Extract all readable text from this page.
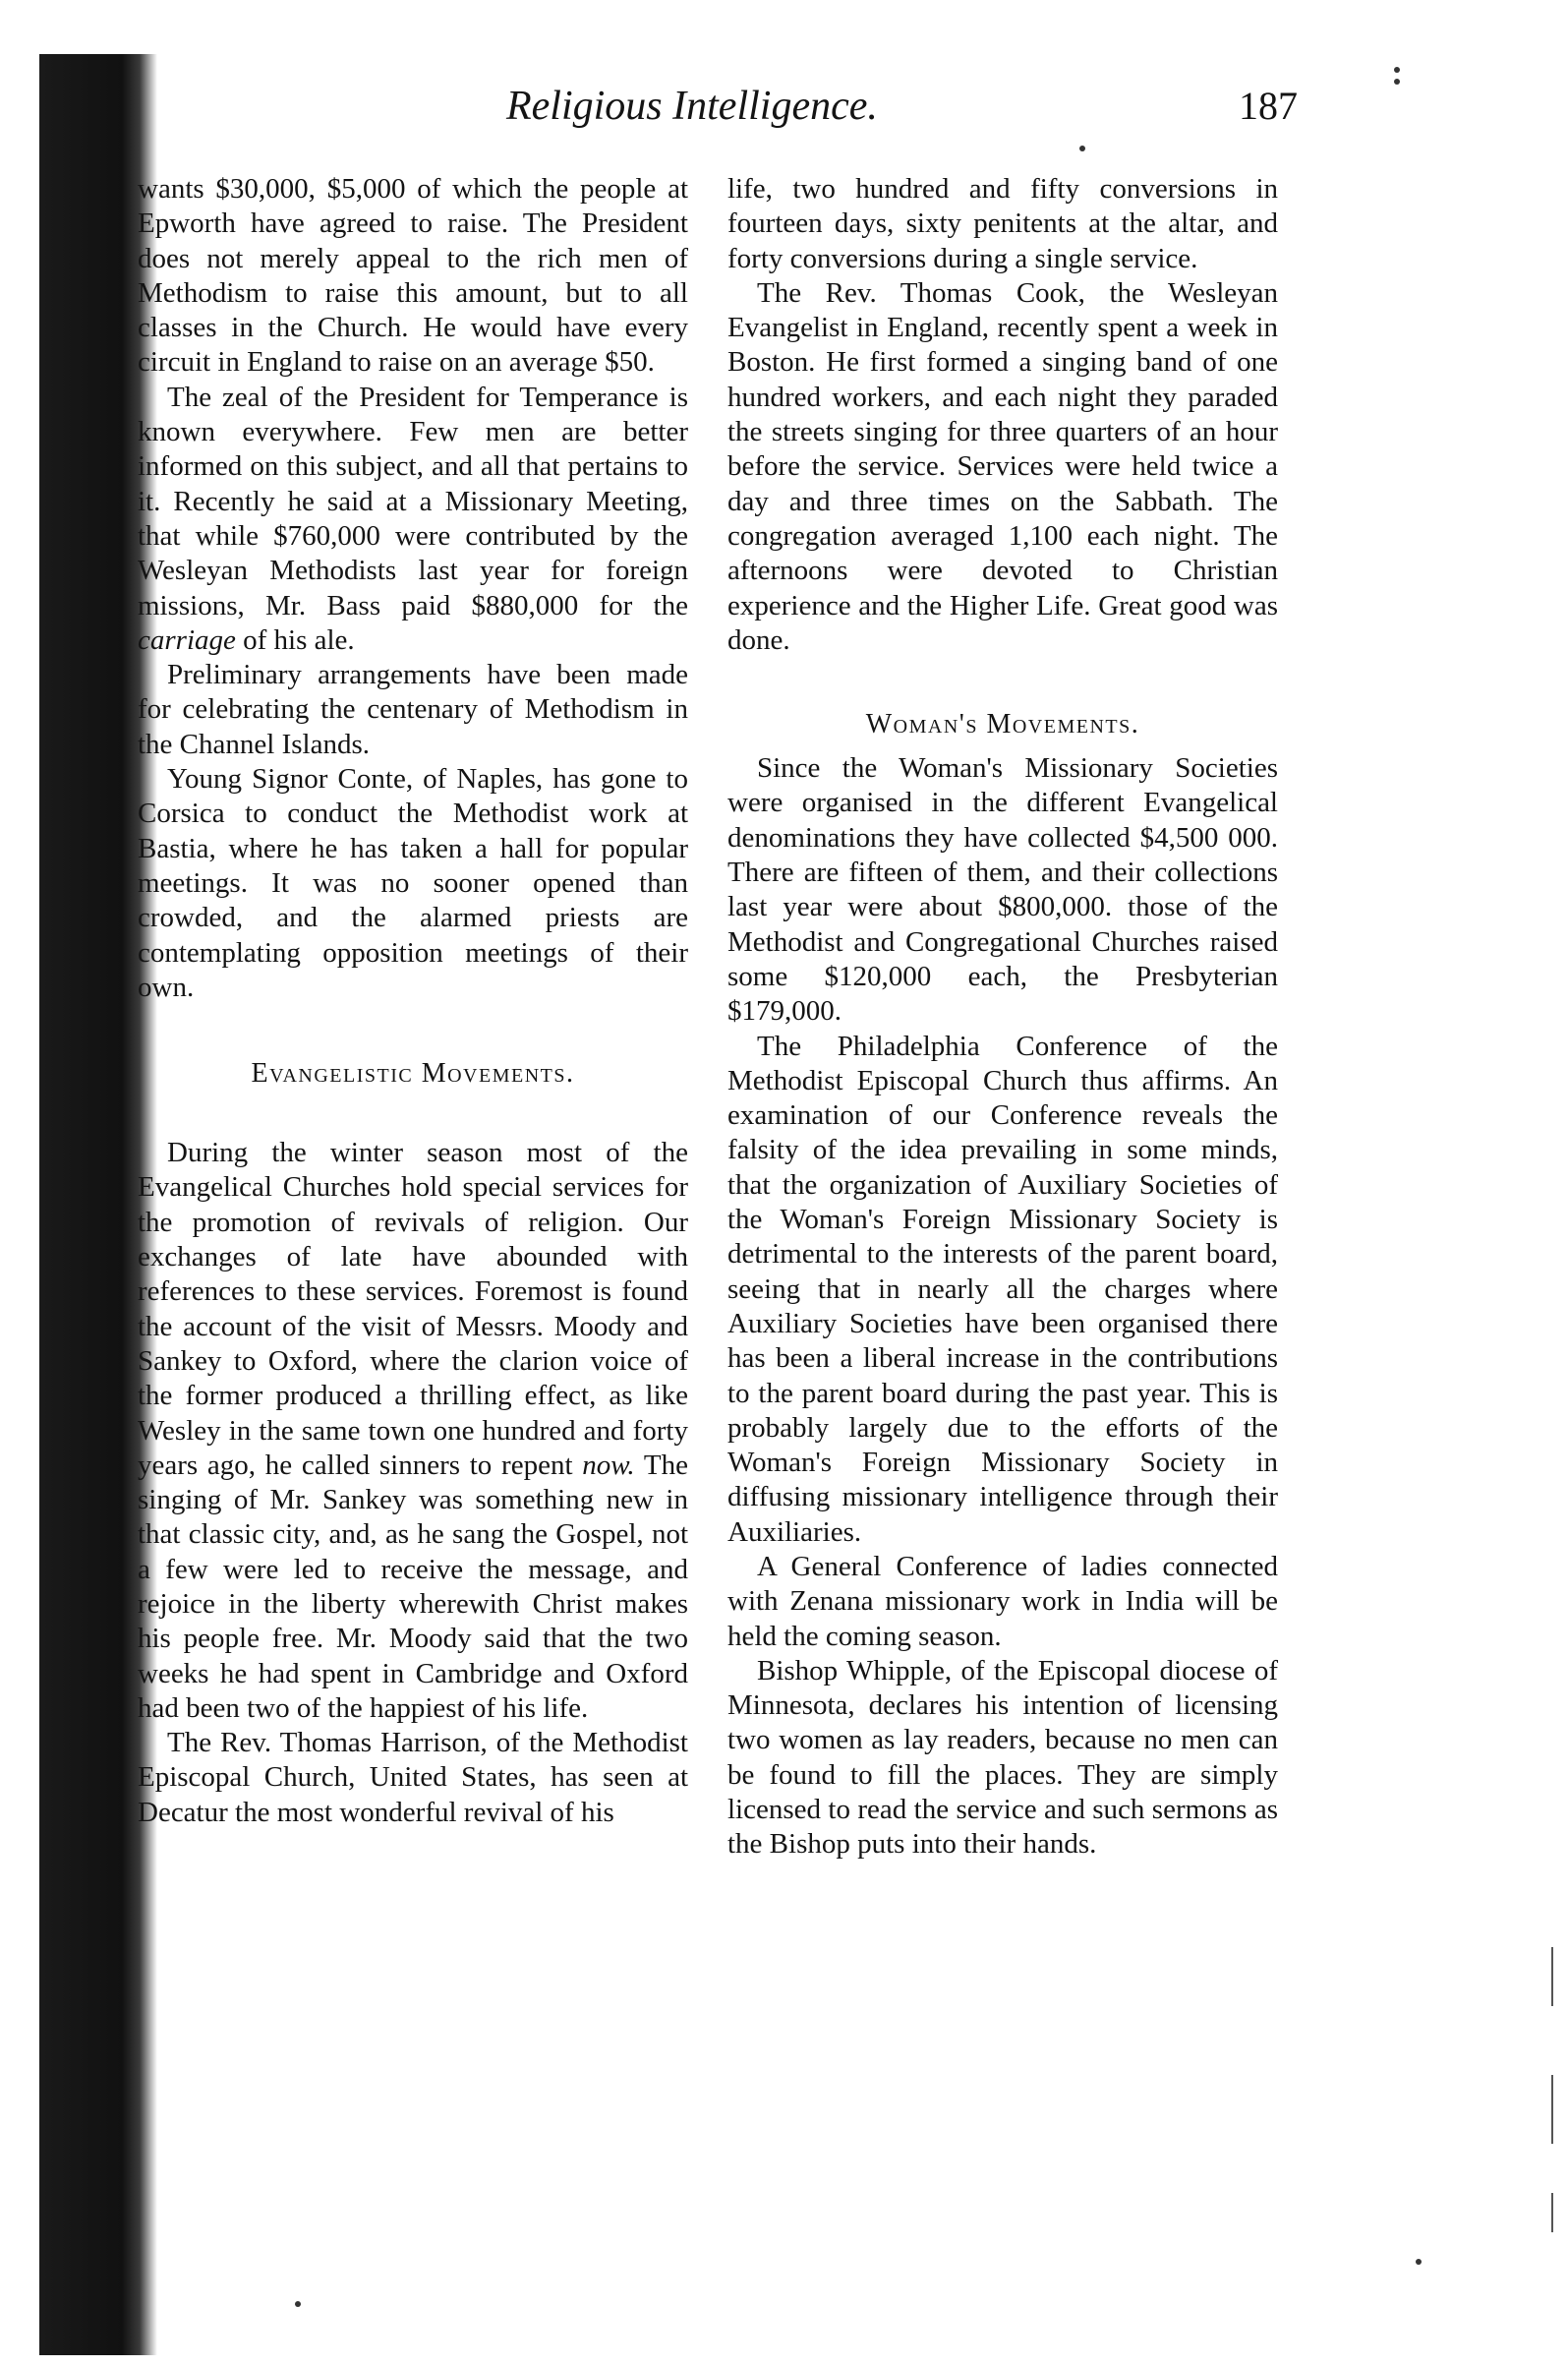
Religious Intelligence.	187

wants $30,000, $5,000 of which the people at Epworth have agreed to raise. The President does not merely appeal to the rich men of Methodism to raise this amount, but to all classes in the Church. He would have every circuit in England to raise on an average $50.

The zeal of the President for Temperance is known everywhere. Few men are better informed on this subject, and all that pertains to it. Recently he said at a Missionary Meeting, that while $760,000 were contributed by the Wesleyan Methodists last year for foreign missions, Mr. Bass paid $880,000 for the carriage of his ale.

Preliminary arrangements have been made for celebrating the centenary of Methodism in the Channel Islands.

Young Signor Conte, of Naples, has gone to Corsica to conduct the Methodist work at Bastia, where he has taken a hall for popular meetings. It was no sooner opened than crowded, and the alarmed priests are contemplating opposition meetings of their own.

Evangelistic Movements.

During the winter season most of the Evangelical Churches hold special services for the promotion of revivals of religion. Our exchanges of late have abounded with references to these services. Foremost is found the account of the visit of Messrs. Moody and Sankey to Oxford, where the clarion voice of the former produced a thrilling effect, as like Wesley in the same town one hundred and forty years ago, he called sinners to repent now. The singing of Mr. Sankey was something new in that classic city, and, as he sang the Gospel, not a few were led to receive the message, and rejoice in the liberty wherewith Christ makes his people free. Mr. Moody said that the two weeks he had spent in Cambridge and Oxford had been two of the happiest of his life.

The Rev. Thomas Harrison, of the Methodist Episcopal Church, United States, has seen at Decatur the most wonderful revival of his

life, two hundred and fifty conversions in fourteen days, sixty penitents at the altar, and forty conversions during a single service.

The Rev. Thomas Cook, the Wesleyan Evangelist in England, recently spent a week in Boston. He first formed a singing band of one hundred workers, and each night they paraded the streets singing for three quarters of an hour before the service. Services were held twice a day and three times on the Sabbath. The congregation averaged 1,100 each night. The afternoons were devoted to Christian experience and the Higher Life. Great good was done.

Woman's Movements.

Since the Woman's Missionary Societies were organised in the different Evangelical denominations they have collected $4,500 000. There are fifteen of them, and their collections last year were about $800,000. those of the Methodist and Congregational Churches raised some $120,000 each, the Presbyterian $179,000.

The Philadelphia Conference of the Methodist Episcopal Church thus affirms. An examination of our Conference reveals the falsity of the idea prevailing in some minds, that the organization of Auxiliary Societies of the Woman's Foreign Missionary Society is detrimental to the interests of the parent board, seeing that in nearly all the charges where Auxiliary Societies have been organised there has been a liberal increase in the contributions to the parent board during the past year. This is probably largely due to the efforts of the Woman's Foreign Missionary Society in diffusing missionary intelligence through their Auxiliaries.

A General Conference of ladies connected with Zenana missionary work in India will be held the coming season.

Bishop Whipple, of the Episcopal diocese of Minnesota, declares his intention of licensing two women as lay readers, because no men can be found to fill the places. They are simply licensed to read the service and such sermons as the Bishop puts into their hands.
